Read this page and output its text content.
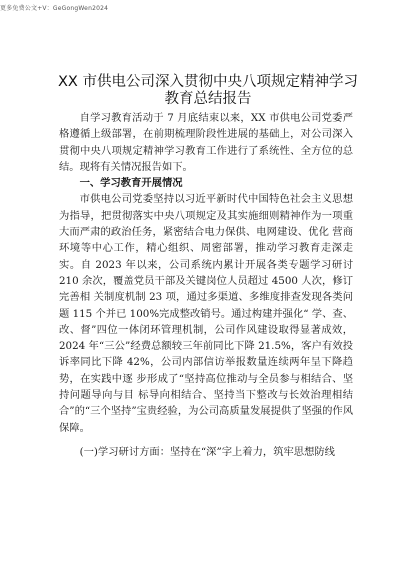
更多免费公文+V：GeGongWen2024
XX 市供电公司深入贯彻中央八项规定精神学习教育总结报告

自学习教育活动于 7 月底结束以来，XX 市供电公司党委严格遵循上级部署，在前期梳理阶段性进展的基础上，对公司深入贯彻中央八项规定精神学习教育工作进行了系统性、全方位的总结。现将有关情况报告如下。

一、学习教育开展情况

市供电公司党委坚持以习近平新时代中国特色社会主义思想为指导，把贯彻落实中央八项规定及其实施细则精神作为一项重大而严肃的政治任务，紧密结合电力保供、电网建设、优化 营商环境等中心工作，精心组织、周密部署，推动学习教育走深走 实。自 2023 年以来，公司系统内累计开展各类专题学习研讨 210 余次，覆盖党员干部及关键岗位人员超过 4500 人次，修订完善相 关制度机制 23 项，通过多渠道、多维度排查发现各类问题 115 个并已 100%完成整改销号。通过构建并强化“ 学、查、改、督”四位一体闭环管理机制，公司作风建设取得显著成效，2024 年“三公”经费总额较三年前同比下降 21.5%，客户有效投诉率同比下降 42%，公司内部信访举报数量连续两年呈下降趋势，在实践中逐 步形成了“坚持高位推动与全员参与相结合、坚持问题导向与目 标导向相结合、坚持当下整改与长效治理相结合”的“三个坚持”宝贵经验，为公司高质量发展提供了坚强的作风保障。

(一)学习研讨方面：坚持在“深”字上着力，筑牢思想防线
